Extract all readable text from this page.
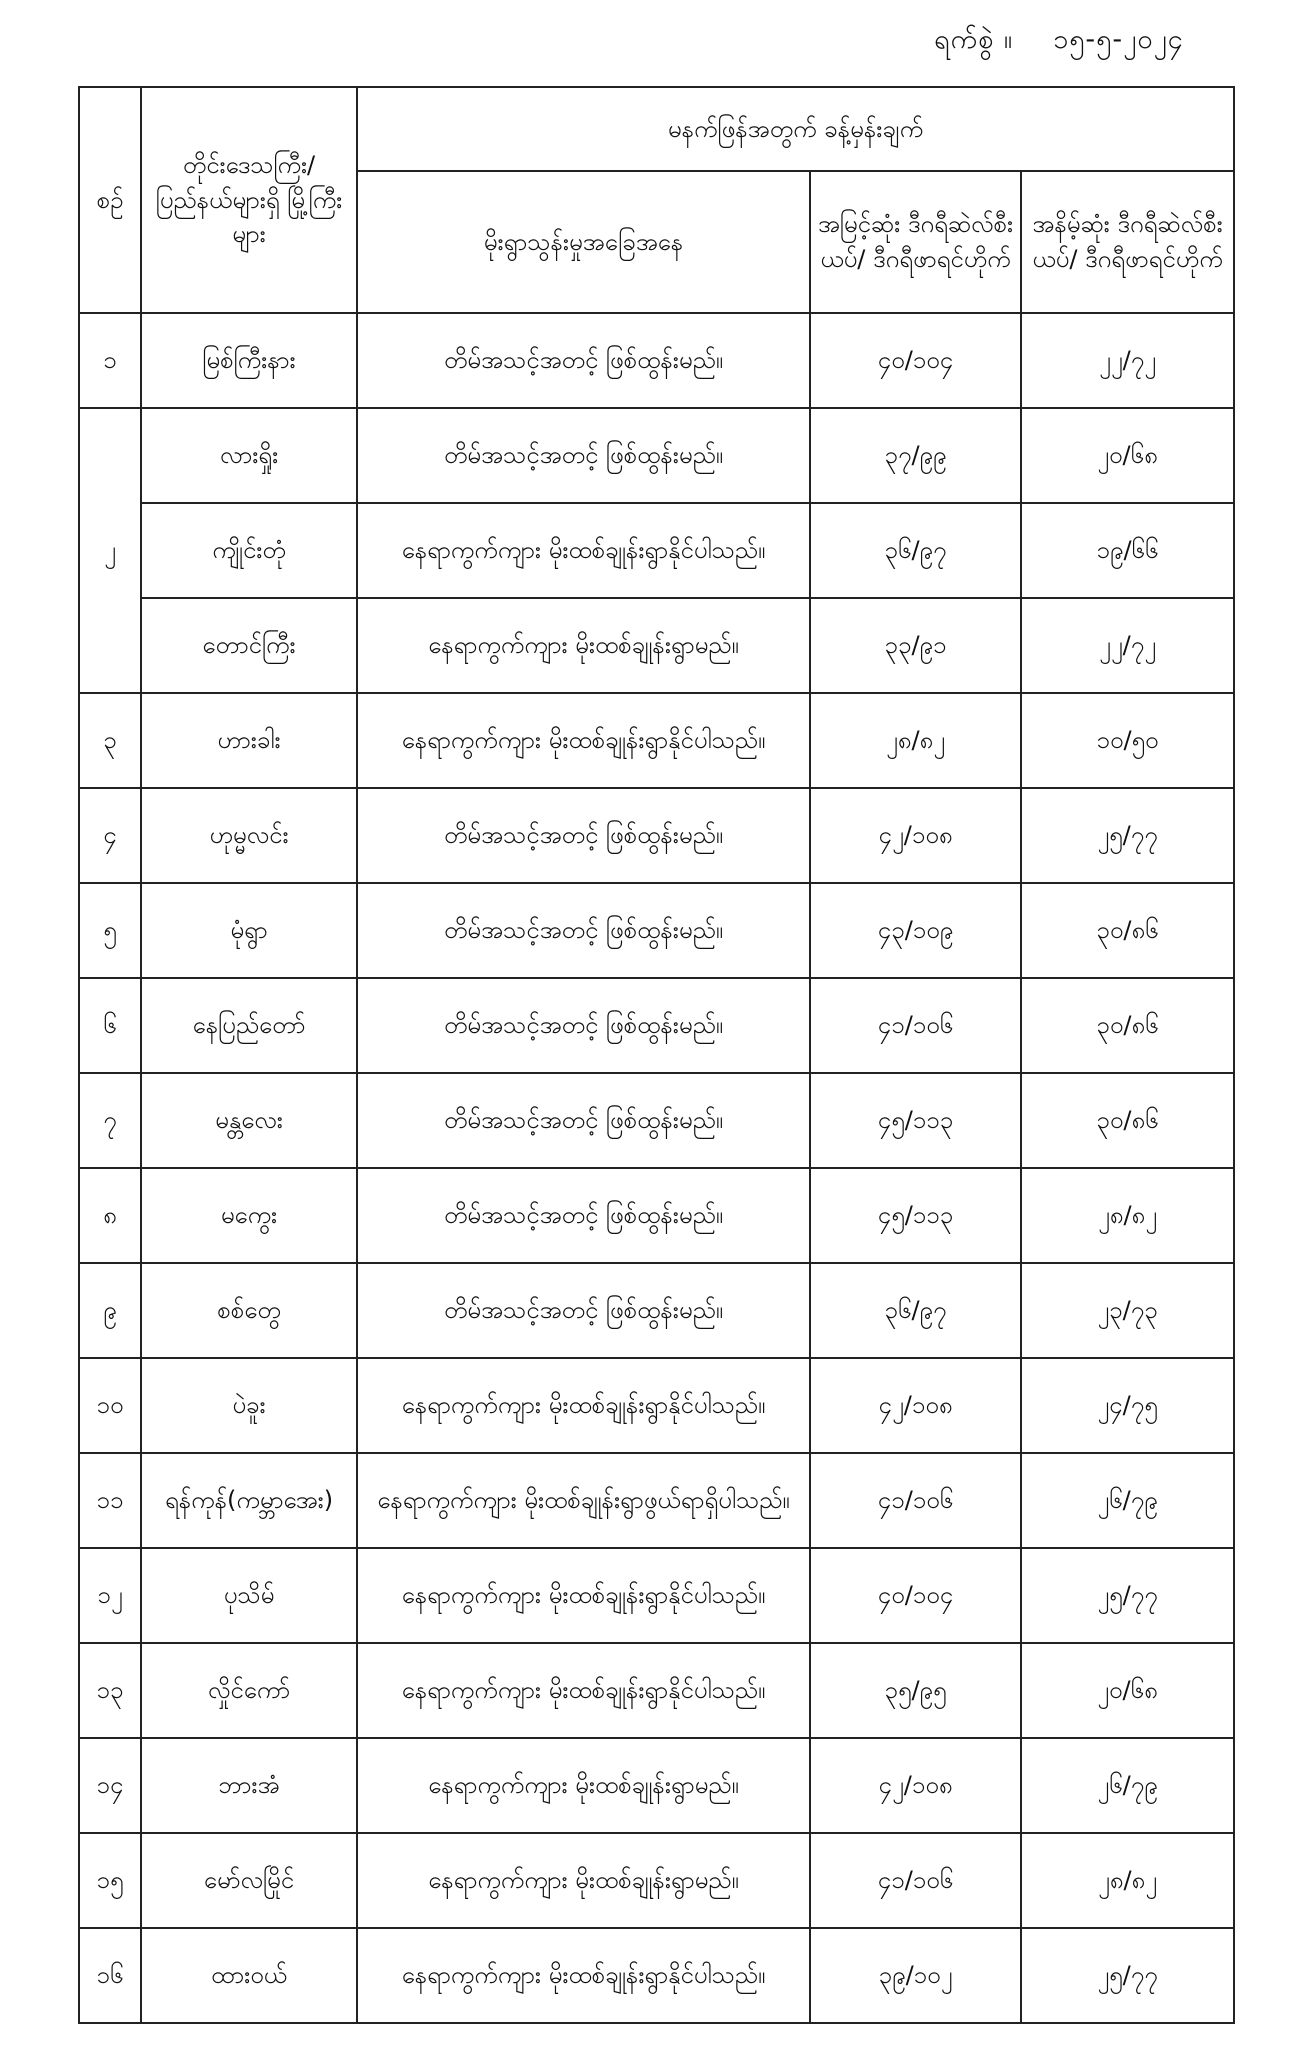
ရက်စွဲ ။ ၁၅-၅-၂၀၂၄
စဉ်	တိုင်းဒေသကြီး/ ပြည်နယ်များရှိ မြို့ကြီးများ	မနက်ဖြန်အတွက် ခန့်မှန်းချက်		
		မိုးရွာသွန်းမှုအခြေအနေ	အမြင့်ဆုံး ဒီဂရီဆဲလ်စီးယပ်/ ဒီဂရီဖာရင်ဟိုက်	အနိမ့်ဆုံး ဒီဂရီဆဲလ်စီးယပ်/ ဒီဂရီဖာရင်ဟိုက်
၁	မြစ်ကြီးနား	တိမ်အသင့်အတင့် ဖြစ်ထွန်းမည်။	၄၀/၁၀၄	၂၂/၇၂
၂	လားရှိုး	တိမ်အသင့်အတင့် ဖြစ်ထွန်းမည်။	၃၇/၉၉	၂၀/၆၈
	ကျိုင်းတုံ	နေရာကွက်ကျား မိုးထစ်ချုန်းရွာနိုင်ပါသည်။	၃၆/၉၇	၁၉/၆၆
	တောင်ကြီး	နေရာကွက်ကျား မိုးထစ်ချုန်းရွာမည်။	၃၃/၉၁	၂၂/၇၂
၃	ဟားခါး	နေရာကွက်ကျား မိုးထစ်ချုန်းရွာနိုင်ပါသည်။	၂၈/၈၂	၁၀/၅၀
၄	ဟုမ္မလင်း	တိမ်အသင့်အတင့် ဖြစ်ထွန်းမည်။	၄၂/၁၀၈	၂၅/၇၇
၅	မုံရွာ	တိမ်အသင့်အတင့် ဖြစ်ထွန်းမည်။	၄၃/၁၀၉	၃၀/၈၆
၆	နေပြည်တော်	တိမ်အသင့်အတင့် ဖြစ်ထွန်းမည်။	၄၁/၁၀၆	၃၀/၈၆
၇	မန္တလေး	တိမ်အသင့်အတင့် ဖြစ်ထွန်းမည်။	၄၅/၁၁၃	၃၀/၈၆
၈	မကွေး	တိမ်အသင့်အတင့် ဖြစ်ထွန်းမည်။	၄၅/၁၁၃	၂၈/၈၂
၉	စစ်တွေ	တိမ်အသင့်အတင့် ဖြစ်ထွန်းမည်။	၃၆/၉၇	၂၃/၇၃
၁၀	ပဲခူး	နေရာကွက်ကျား မိုးထစ်ချုန်းရွာနိုင်ပါသည်။	၄၂/၁၀၈	၂၄/၇၅
၁၁	ရန်ကုန်(ကမ္ဘာအေး)	နေရာကွက်ကျား မိုးထစ်ချုန်းရွာဖွယ်ရာရှိပါသည်။	၄၁/၁၀၆	၂၆/၇၉
၁၂	ပုသိမ်	နေရာကွက်ကျား မိုးထစ်ချုန်းရွာနိုင်ပါသည်။	၄၀/၁၀၄	၂၅/၇၇
၁၃	လှိုင်ကော်	နေရာကွက်ကျား မိုးထစ်ချုန်းရွာနိုင်ပါသည်။	၃၅/၉၅	၂၀/၆၈
၁၄	ဘားအံ	နေရာကွက်ကျား မိုးထစ်ချုန်းရွာမည်။	၄၂/၁၀၈	၂၆/၇၉
၁၅	မော်လမြိုင်	နေရာကွက်ကျား မိုးထစ်ချုန်းရွာမည်။	၄၁/၁၀၆	၂၈/၈၂
၁၆	ထားဝယ်	နေရာကွက်ကျား မိုးထစ်ချုန်းရွာနိုင်ပါသည်။	၃၉/၁၀၂	၂၅/၇၇
